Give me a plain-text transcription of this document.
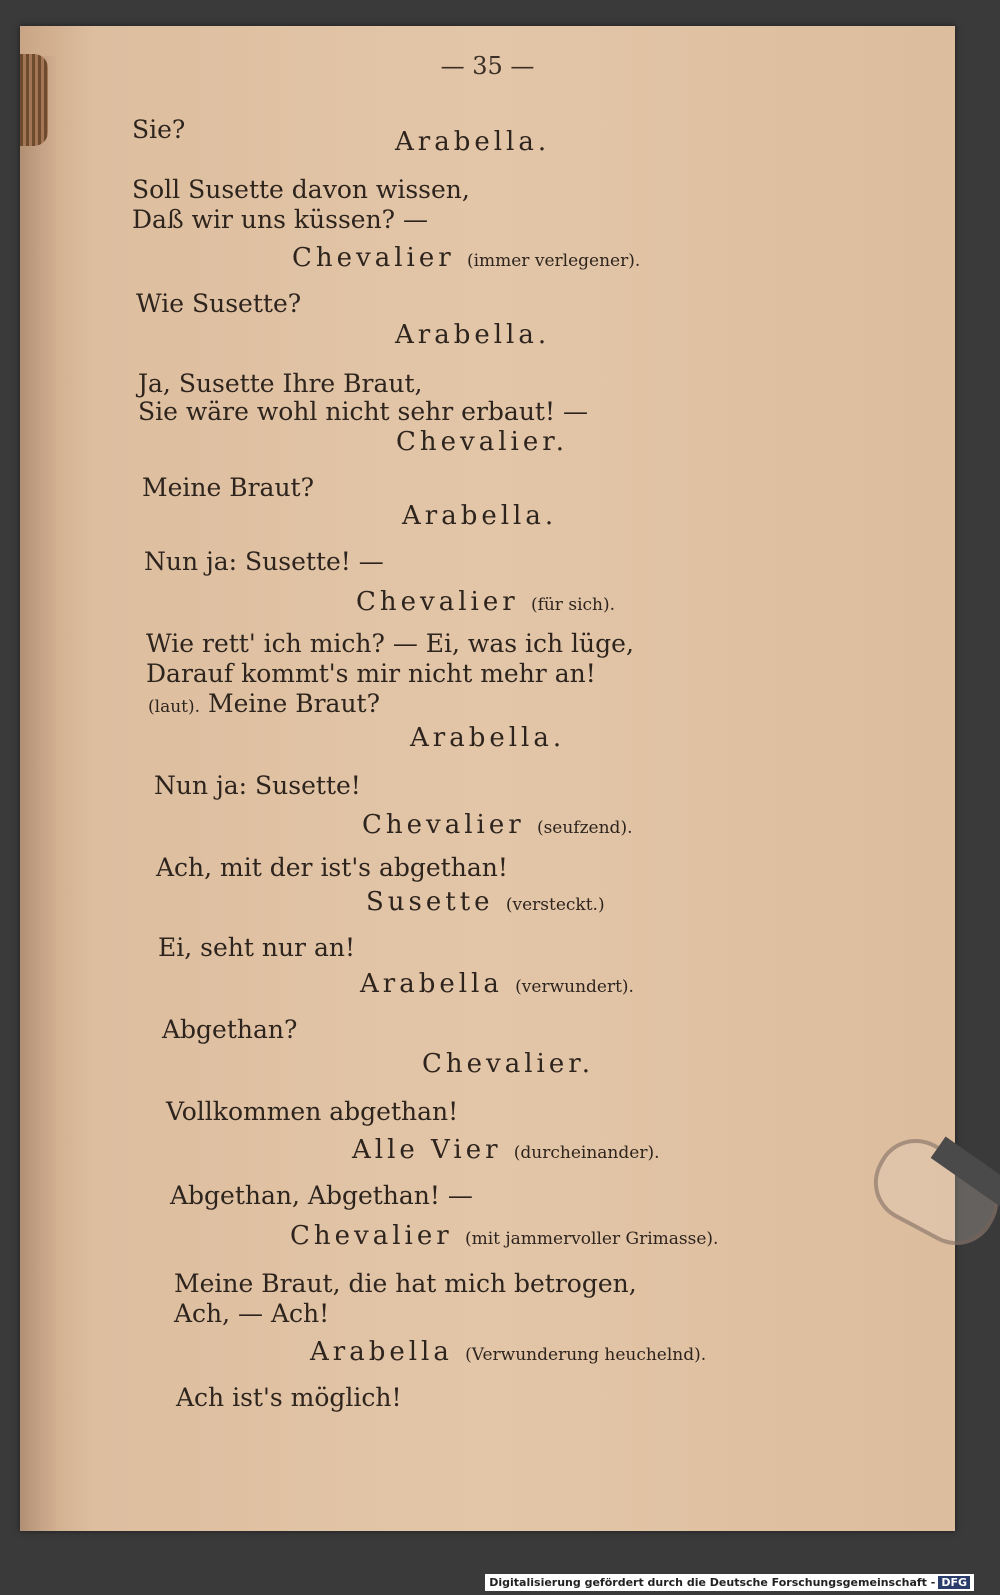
— 35 —

Sie?	Arabella.

Soll Susette davon wissen,

Daß wir uns küssen? —

Chevalier (immer verlegener).

Wie Susette?

Arabella.

Ja, Susette Ihre Braut,

Sie wäre wohl nicht sehr erbaut! —

Chevalier.

Meine Braut?

Arabella.

Nun ja: Susette! —

Chevalier (für sich).

Wie rett' ich mich? — Ei, was ich lüge,

Darauf kommt's mir nicht mehr an!

(laut). Meine Braut?

Arabella.

Nun ja: Susette!

Chevalier (seufzend).

Ach, mit der ist's abgethan!

Susette (versteckt.)

Ei, seht nur an!

Arabella (verwundert).

Abgethan?

Chevalier.

Vollkommen abgethan!

Alle Vier (durcheinander).

Abgethan, Abgethan! —

Chevalier (mit jammervoller Grimasse).

Meine Braut, die hat mich betrogen,

Ach, — Ach!

Arabella (Verwunderung heuchelnd).

Ach ist's möglich!

Digitalisierung gefördert durch die Deutsche Forschungsgemeinschaft - DFG
